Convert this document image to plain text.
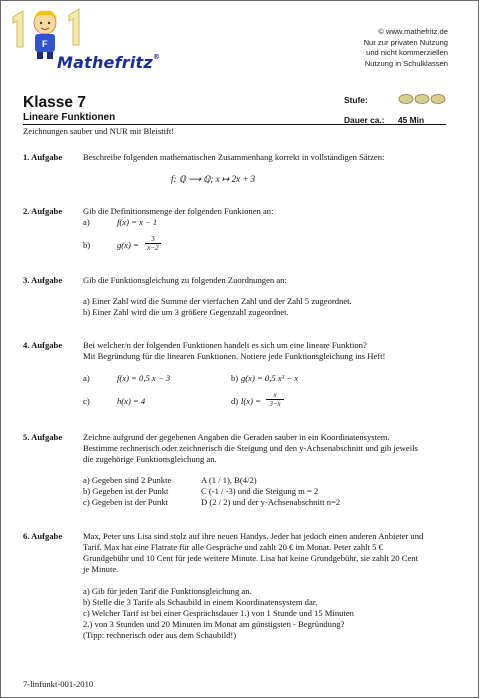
F
Mathefritz®
© www.mathefritz.de
Nur zur privaten Nutzung
und nicht kommerziellen
Nutzung in Schulklassen
Klasse 7
Lineare Funktionen
Stufe:
Dauer ca.: 45 Min
Zeichnungen sauber und NUR mit Bleistift!
1. Aufgabe Beschreibe folgenden mathematischen Zusammenhang korrekt in vollständigen Sätzen:
f: ℚ ⟶ ℚ; x ↦ 2x + 3
2. Aufgabe Gib die Definitionsmenge der folgenden Funkionen an:
a)	f(x) = x − 1
b)	$g(x) = \frac{3}{x-2}$
3. Aufgabe Gib die Funktionsgleichung zu folgenden Zuordnungen an:
a) Einer Zahl wird die Summe der vierfachen Zahl und der Zahl 5 zugeordnet.
b) Einer Zahl wird die um 3 größere Gegenzahl zugeordnet.
4. Aufgabe Bei welcher/n der folgenden Funktionen handelt es sich um eine lineare Funktion?
Mit Begründung für die linearen Funktionen. Notiere jede Funktionsgleichung ins Heft!
a)	f(x) = 0,5 x − 3	b) g(x) = 0,5 x³ − x
c)	h(x) = 4	d) $l(x) = \frac{x}{3-x}$
5. Aufgabe Zeichne aufgrund der gegebenen Angaben die Geraden sauber in ein Koordinatensystem.
Bestimme rechnerisch oder zeichnerisch die Steigung und den y-Achsenabschnitt und gib jeweils
die zugehörige Funktionsgleichung an.
a) Gegeben sind 2 Punkte	A (1 / 1), B(4/2)
b) Gegeben ist der Punkt	C (-1 / -3) und die Steigung m = 2
c) Gegeben ist der Punkt	D (2 / 2) und der y-Achsenabschnitt n=2
6. Aufgabe Max, Peter uns Lisa sind stolz auf ihre neuen Handys. Jeder hat jedoch einen anderen Anbieter und
Tarif. Max hat eine Flatrate für alle Gespräche und zahlt 20 € im Monat. Peter zahlt 5 €
Grundgebühr und 10 Cent für jede weitere Minute. Lisa hat keine Grundgebühr, sie zahlt 20 Cent
je Minute.
a) Gib für jeden Tarif die Funktionsgleichung an.
b) Stelle die 3 Tarife als Schaubild in einem Koordinatensystem dar.
c) Welcher Tarif ist bei einer Gesprächsdauer 1.) von 1 Stunde und 15 Minuten
2.) von 3 Stunden und 20 Minuten im Monat am günstigsten - Begründung?
(Tipp: rechnerisch oder aus dem Schaubild!)
7-linfunkt-001-2010
